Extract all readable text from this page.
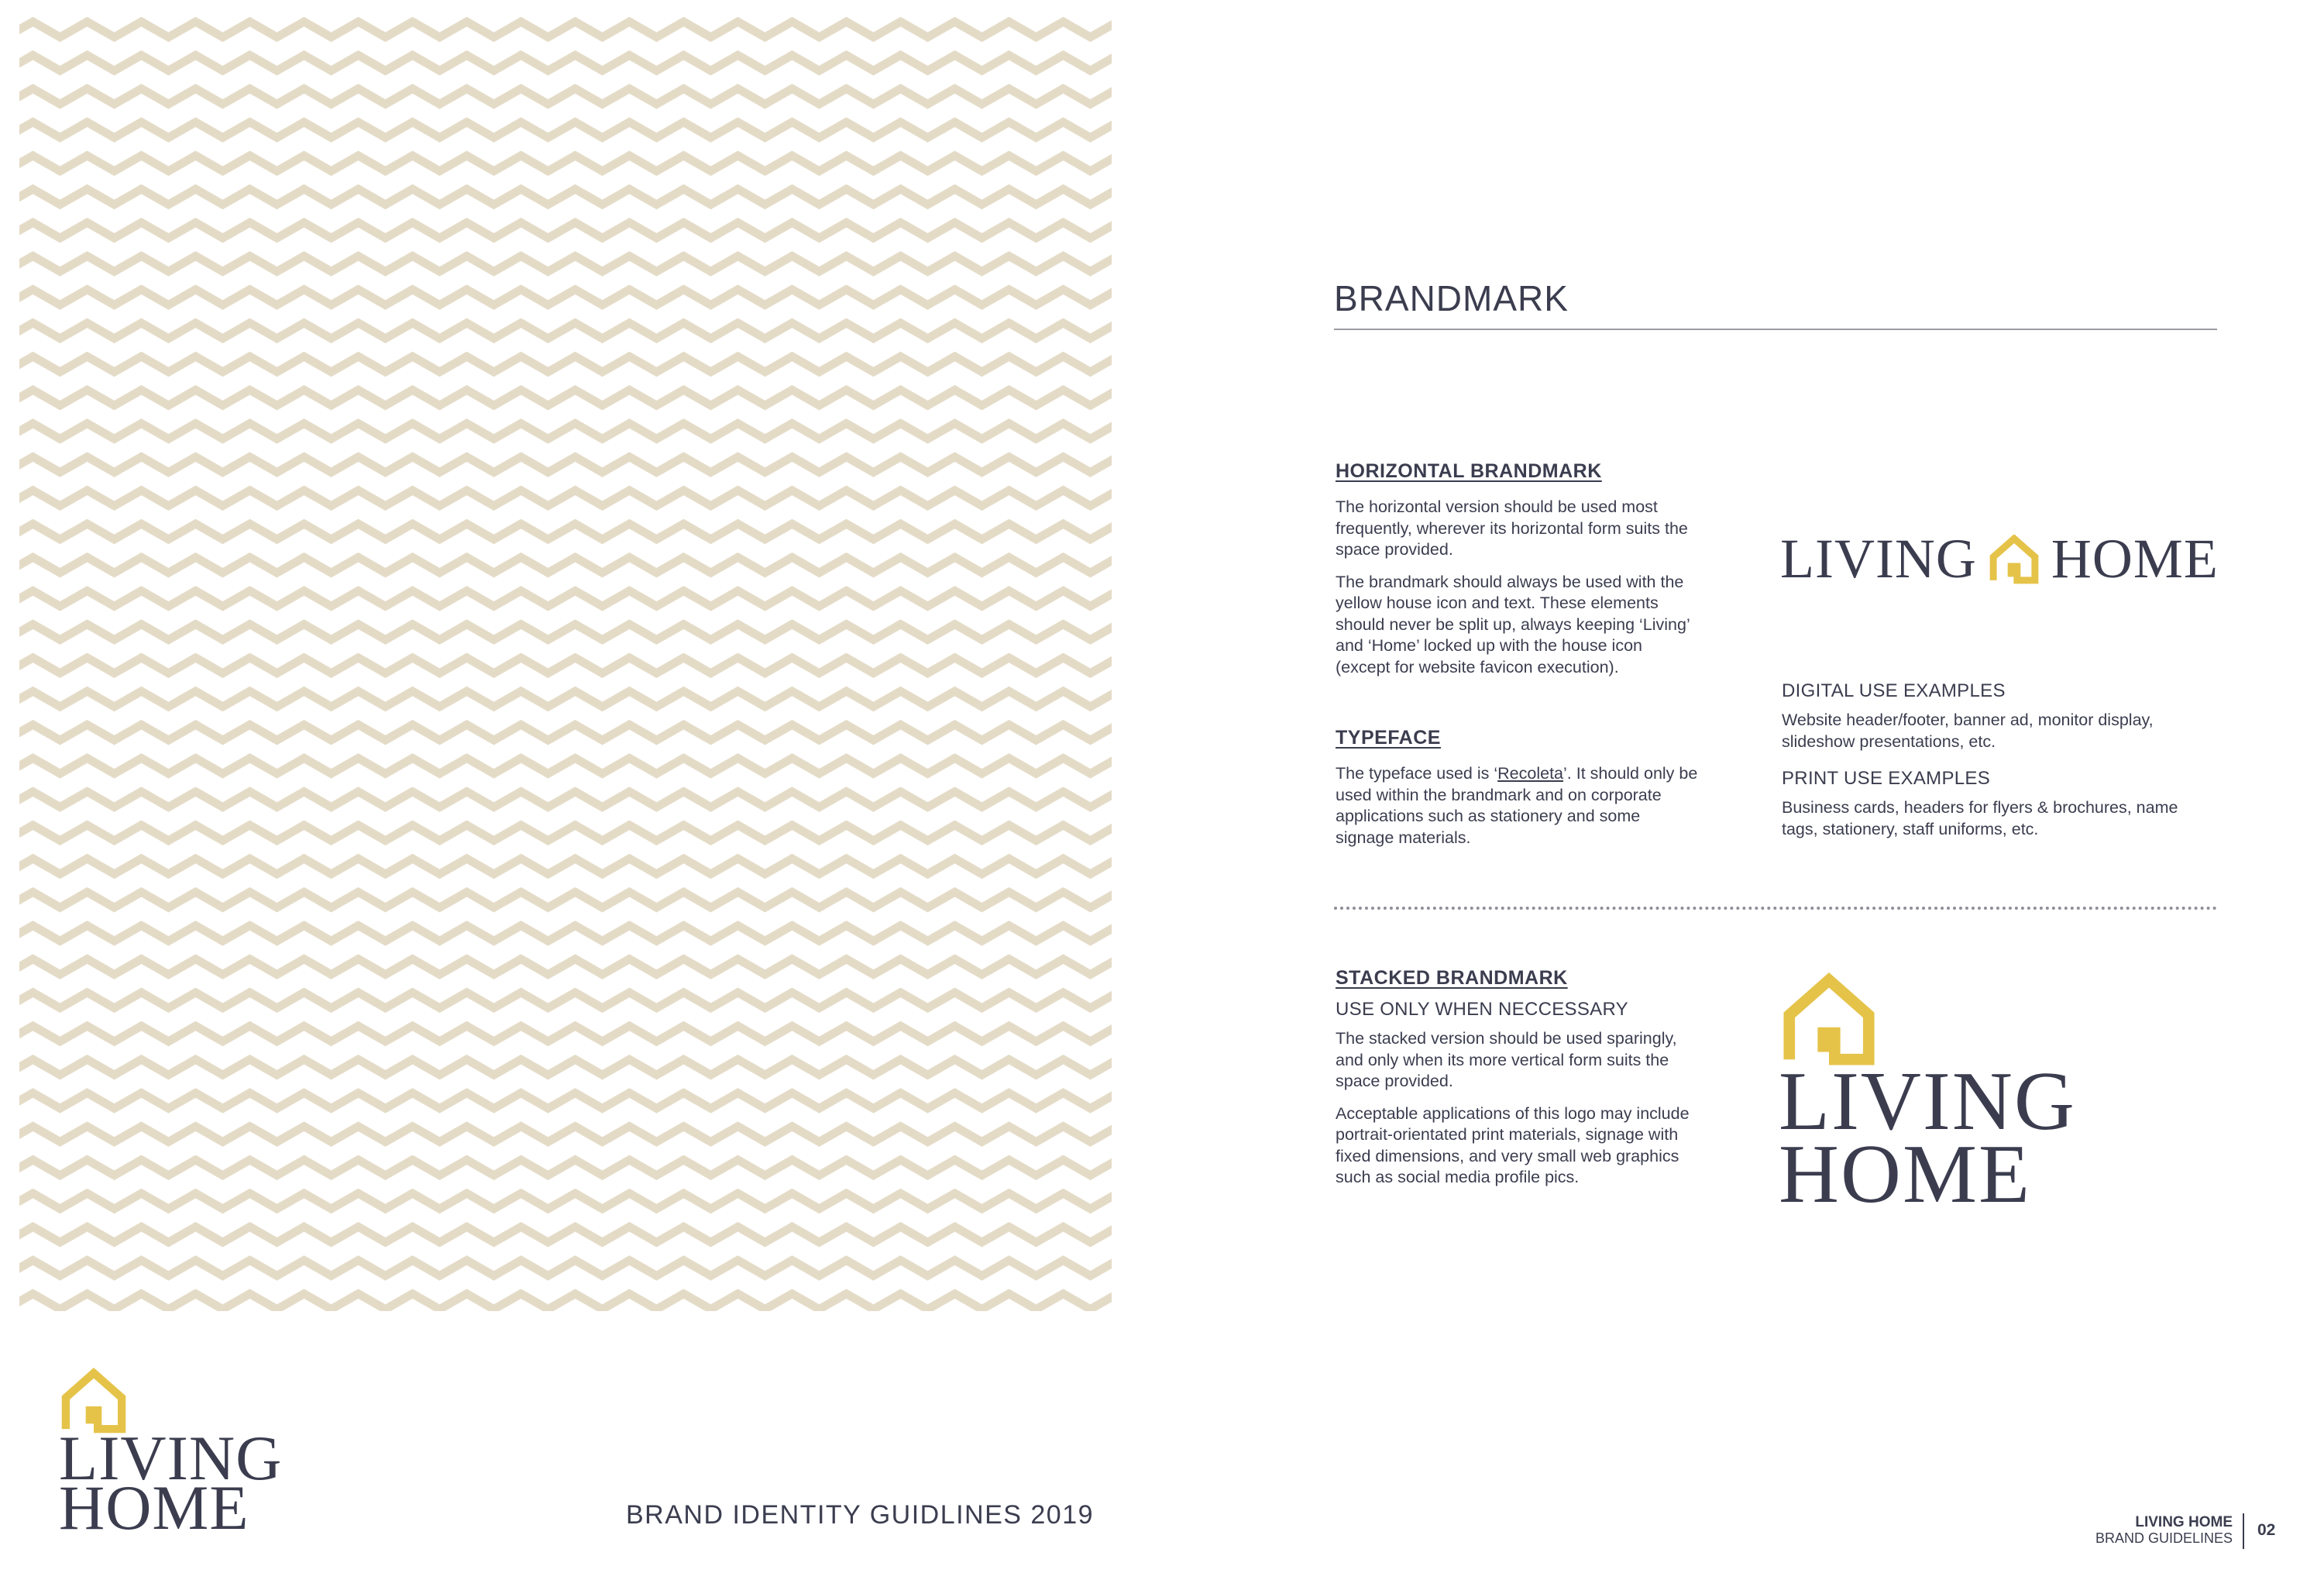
BRANDMARK
HORIZONTAL BRANDMARK

The horizontal version should be used most frequently, wherever its horizontal form suits the space provided.

The brandmark should always be used with the yellow house icon and text. These elements should never be split up, always keeping ‘Living’ and ‘Home’ locked up with the house icon (except for website favicon execution).

TYPEFACE

The typeface used is ‘Recoleta’. It should only be used within the brandmark and on corporate applications such as stationery and some signage materials.

LIVING HOME
DIGITAL USE EXAMPLES

Website header/footer, banner ad, monitor display, slideshow presentations, etc.

PRINT USE EXAMPLES

Business cards, headers for flyers & brochures, name tags, stationery, staff uniforms, etc.

STACKED BRANDMARK
USE ONLY WHEN NECCESSARY

The stacked version should be used sparingly, and only when its more vertical form suits the space provided.

Acceptable applications of this logo may include portrait-orientated print materials, signage with fixed dimensions, and very small web graphics such as social media profile pics.

LIVING
HOME
LIVING
HOME	BRAND IDENTITY GUIDLINES 2019	LIVING HOME
BRAND GUIDELINES 02
